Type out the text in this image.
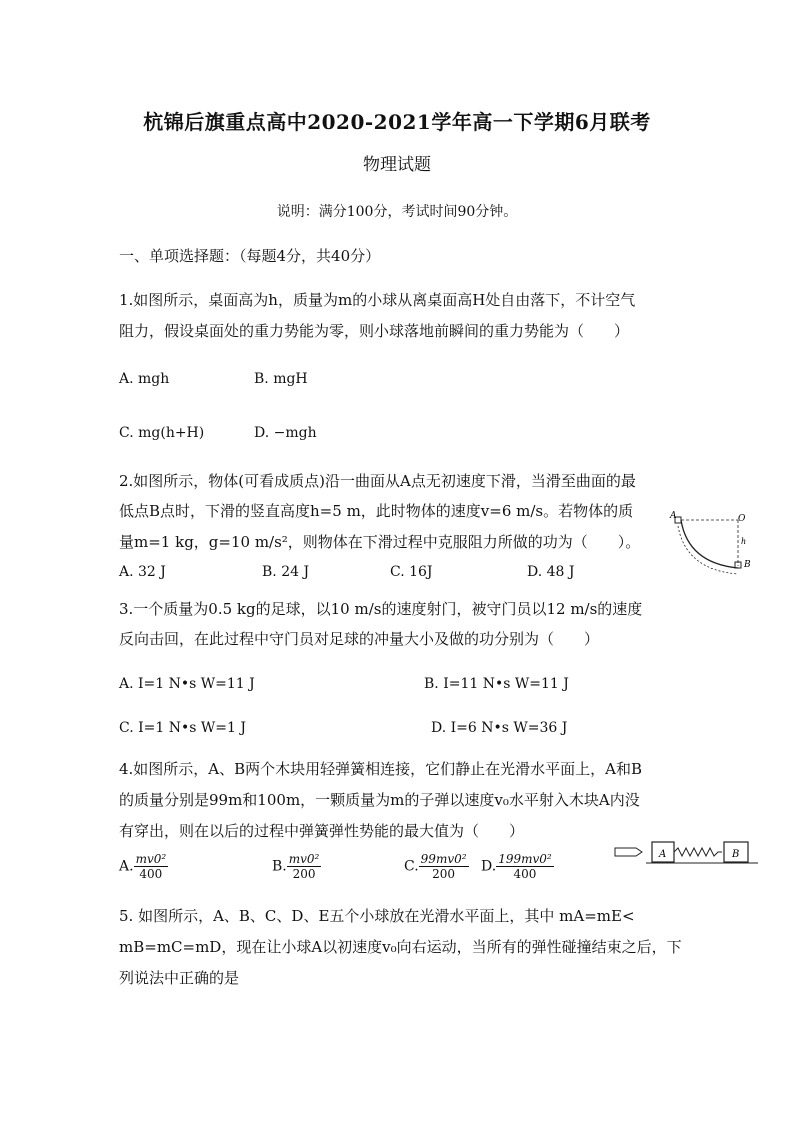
杭锦后旗重点高中2020-2021学年高一下学期6月联考
物理试题
说明：满分100分，考试时间90分钟。
一、单项选择题：（每题4分，共40分）
1.如图所示，桌面高为h，质量为m的小球从离桌面高H处自由落下，不计空气
阻力，假设桌面处的重力势能为零，则小球落地前瞬间的重力势能为（　　）
A. mgh	B. mgH
C. mg(h+H)	D. −mgh
2.如图所示，物体(可看成质点)沿一曲面从A点无初速度下滑，当滑至曲面的最
低点B点时，下滑的竖直高度h=5 m，此时物体的速度v=6 m/s。若物体的质
量m=1 kg，g=10 m/s²，则物体在下滑过程中克服阻力所做的功为（　　）。
A. 32 J	B. 24 J	C. 16J	D. 48 J
A	O
h
B
3.一个质量为0.5 kg的足球，以10 m/s的速度射门，被守门员以12 m/s的速度
反向击回，在此过程中守门员对足球的冲量大小及做的功分别为（　　）
A. I=1 N•s W=11 J	B. I=11 N•s W=11 J
C. I=1 N•s W=1 J	D. I=6 N•s W=36 J
4.如图所示，A、B两个木块用轻弹簧相连接，它们静止在光滑水平面上，A和B
的质量分别是99m和100m，一颗质量为m的子弹以速度v₀水平射入木块A内没
有穿出，则在以后的过程中弹簧弹性势能的最大值为（　　）
A. $\frac{\text{mv0²}}{400}$	B. $\frac{\text{mv0²}}{200}$	C. $\frac{\text{99mv0²}}{200} D$. $\frac{\text{199mv0²}}{400}$	A	B
5. 如图所示，A、B、C、D、E五个小球放在光滑水平面上，其中 mA=mE<
mB=mC=mD，现在让小球A以初速度v₀向右运动，当所有的弹性碰撞结束之后，下
列说法中正确的是
